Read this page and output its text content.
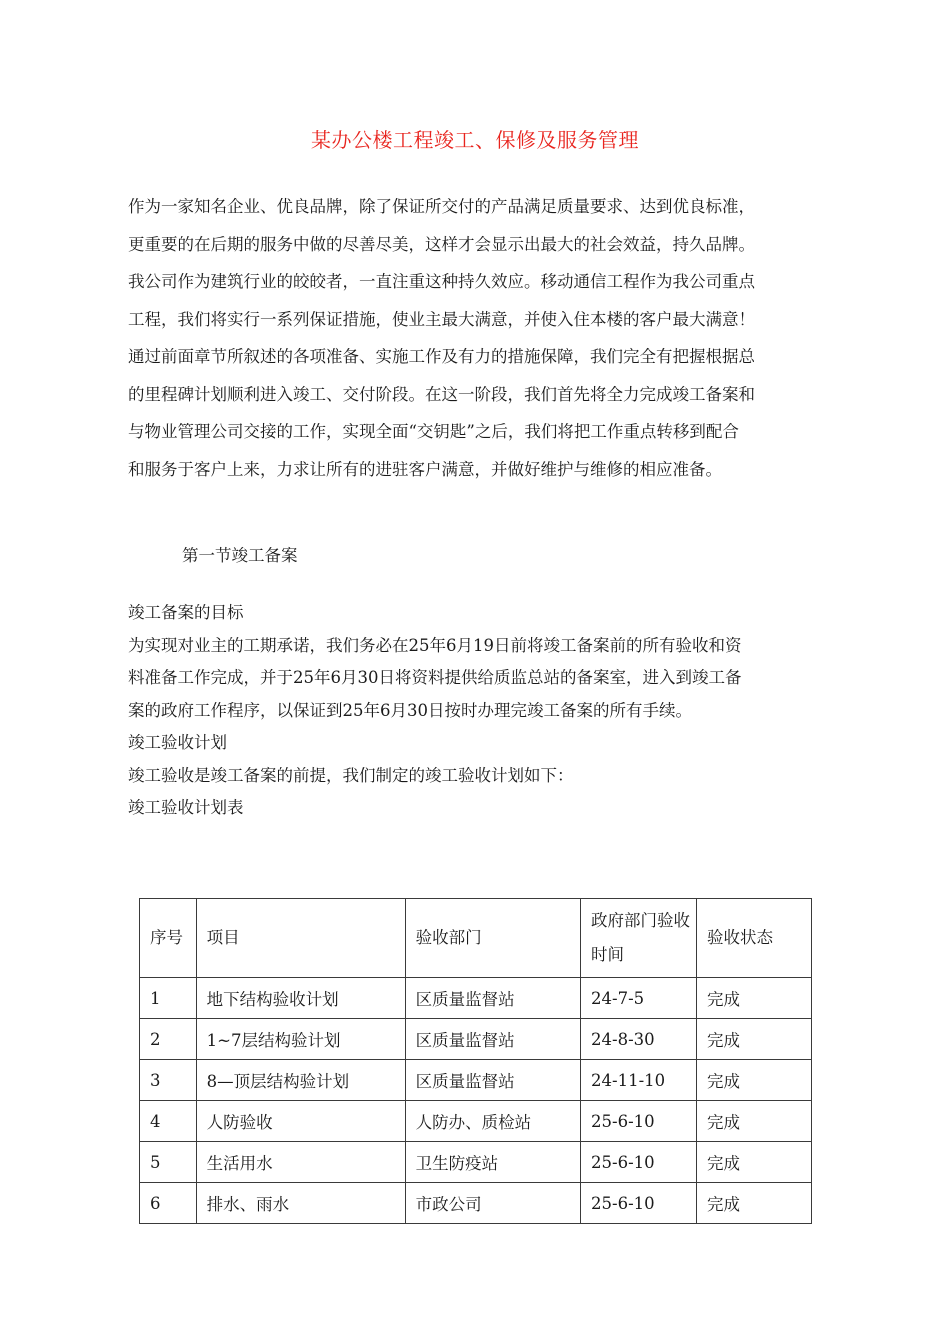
某办公楼工程竣工、保修及服务管理

作为一家知名企业、优良品牌，除了保证所交付的产品满足质量要求、达到优良标准，

更重要的在后期的服务中做的尽善尽美，这样才会显示出最大的社会效益，持久品牌。

我公司作为建筑行业的皎皎者，一直注重这种持久效应。移动通信工程作为我公司重点

工程，我们将实行一系列保证措施，使业主最大满意，并使入住本楼的客户最大满意！

通过前面章节所叙述的各项准备、实施工作及有力的措施保障，我们完全有把握根据总

的里程碑计划顺利进入竣工、交付阶段。在这一阶段，我们首先将全力完成竣工备案和

与物业管理公司交接的工作，实现全面“交钥匙”之后，我们将把工作重点转移到配合

和服务于客户上来，力求让所有的进驻客户满意，并做好维护与维修的相应准备。

第一节竣工备案

竣工备案的目标

为实现对业主的工期承诺，我们务必在25年6月19日前将竣工备案前的所有验收和资

料准备工作完成，并于25年6月30日将资料提供给质监总站的备案室，进入到竣工备

案的政府工作程序，以保证到25年6月30日按时办理完竣工备案的所有手续。

竣工验收计划

竣工验收是竣工备案的前提，我们制定的竣工验收计划如下：

竣工验收计划表

序号	项目	验收部门	政府部门验收时间	验收状态
1	地下结构验收计划	区质量监督站	24-7-5	完成
2	1~7层结构验计划	区质量监督站	24-8-30	完成
3	8—顶层结构验计划	区质量监督站	24-11-10	完成
4	人防验收	人防办、质检站	25-6-10	完成
5	生活用水	卫生防疫站	25-6-10	完成
6	排水、雨水	市政公司	25-6-10	完成
